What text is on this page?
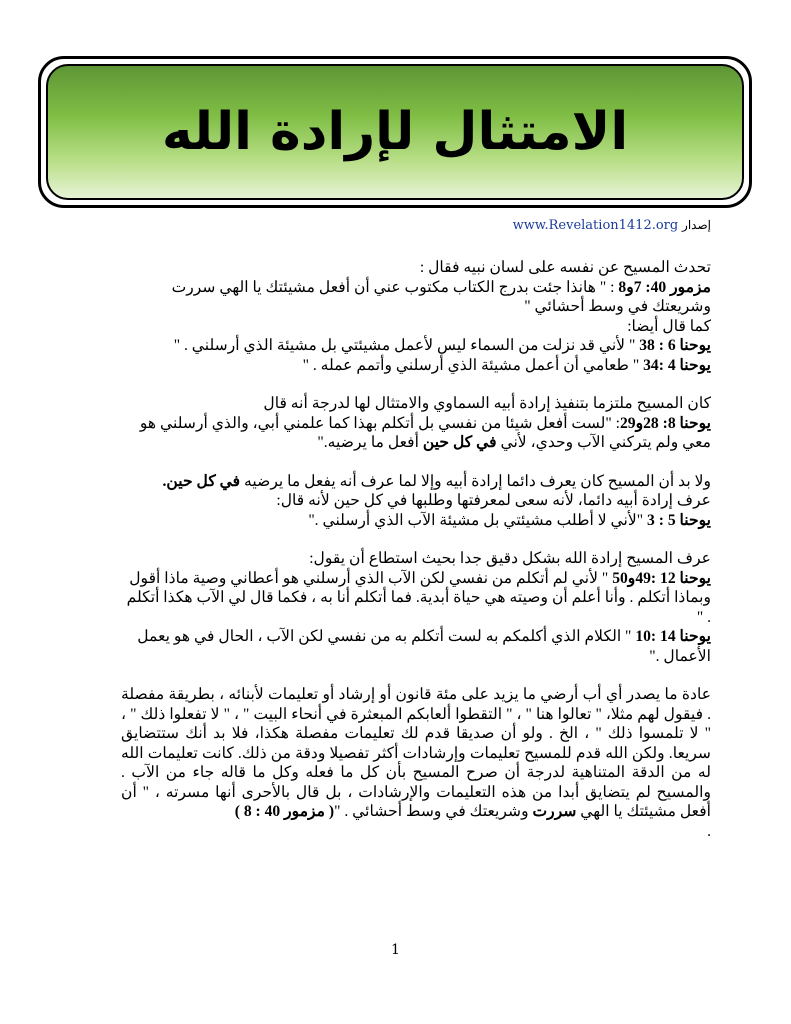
الامتثال لإرادة الله
إصدار www.Revelation1412.org

تحدث المسيح عن نفسه على لسان نبيه فقال :

مزمور 40: 7و8 : " هانذا جئت بدرج الكتاب مكتوب عني أن أفعل مشيئتك يا الهي سررت وشريعتك في وسط أحشائي "

كما قال أيضا:

يوحنا 6 : 38 " لأني قد نزلت من السماء ليس لأعمل مشيئتي بل مشيئة الذي أرسلني . "

يوحنا 4 :34 " طعامي أن أعمل مشيئة الذي أرسلني وأتمم عمله . "

كان المسيح ملتزما بتنفيذ إرادة أبيه السماوي والامتثال لها لدرجة أنه قال

يوحنا 8: 28و29: "لست أفعل شيئا من نفسي بل أتكلم بهذا كما علمني أبي، والذي أرسلني هو معي ولم يتركني الآب وحدي، لأني في كل حين أفعل ما يرضيه."

ولا بد أن المسيح كان يعرف دائما إرادة أبيه وإلا لما عرف أنه يفعل ما يرضيه في كل حين.

عرف إرادة أبيه دائما، لأنه سعى لمعرفتها وطلبها في كل حين لأنه قال:

يوحنا 5 : 3 "لأني لا أطلب مشيئتي بل مشيئة الآب الذي أرسلني ."

عرف المسيح إرادة الله بشكل دقيق جدا بحيث استطاع أن يقول:

يوحنا 12 :49و50 " لأني لم أتكلم من نفسي لكن الآب الذي أرسلني هو أعطاني وصية ماذا أقول وبماذا أتكلم . وأنا أعلم أن وصيته هي حياة أبدية. فما أتكلم أنا به ، فكما قال لي الآب هكذا أتكلم . "

يوحنا 14 :10 " الكلام الذي أكلمكم به لست أتكلم به من نفسي لكن الآب ، الحال في هو يعمل الأعمال ."

عادة ما يصدر أي أب أرضي ما يزيد على مئة قانون أو إرشاد أو تعليمات لأبنائه ، بطريقة مفصلة . فيقول لهم مثلا، " تعالوا هنا " ، " التقطوا ألعابكم المبعثرة في أنحاء البيت " ، " لا تفعلوا ذلك " ، " لا تلمسوا ذلك " ، الخ . ولو أن صديقا قدم لك تعليمات مفصلة هكذا، فلا بد أنك ستتضايق سريعا. ولكن الله قدم للمسيح تعليمات وإرشادات أكثر تفصيلا ودقة من ذلك. كانت تعليمات الله له من الدقة المتناهية لدرجة أن صرح المسيح بأن كل ما فعله وكل ما قاله جاء من الآب . والمسيح لم يتضايق أبدا من هذه التعليمات والإرشادات ، بل قال بالأحرى أنها مسرته ، " أن أفعل مشيئتك يا الهي سررت وشريعتك في وسط أحشائي . "( مزمور 40 : 8 )

.

1
